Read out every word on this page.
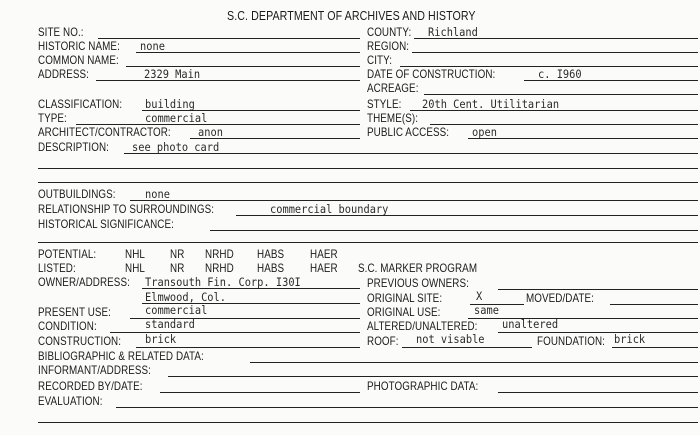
S.C. DEPARTMENT OF ARCHIVES AND HISTORY
SITE NO.:
HISTORIC NAME: none
COMMON NAME:
ADDRESS:	2329 Main
COUNTY: Richland
REGION:
CITY:
DATE OF CONSTRUCTION:	c. I960
ACREAGE:
CLASSIFICATION: building
TYPE:	commercial
ARCHITECT/CONTRACTOR: anon
DESCRIPTION: see photo card
STYLE: 20th Cent. Utilitarian
THEME(S):
PUBLIC ACCESS: open
OUTBUILDINGS:	none
RELATIONSHIP TO SURROUNDINGS:	commercial boundary
HISTORICAL SIGNIFICANCE:
POTENTIAL: NHL NR NRHD HABS HAER
LISTED:	NHL NR NRHD HABS HAER
OWNER/ADDRESS: Transouth Fin. Corp. I30I
Elmwood, Col.
PRESENT USE:	commercial
CONDITION:	standard
CONSTRUCTION: brick
S.C. MARKER PROGRAM
PREVIOUS OWNERS:
ORIGINAL SITE:	X	MOVED/DATE:
ORIGINAL USE:	same
ALTERED/UNALTERED: unaltered
ROOF: not visable	FOUNDATION: brick
BIBLIOGRAPHIC & RELATED DATA:
INFORMANT/ADDRESS:
RECORDED BY/DATE:	PHOTOGRAPHIC DATA:
EVALUATION:
